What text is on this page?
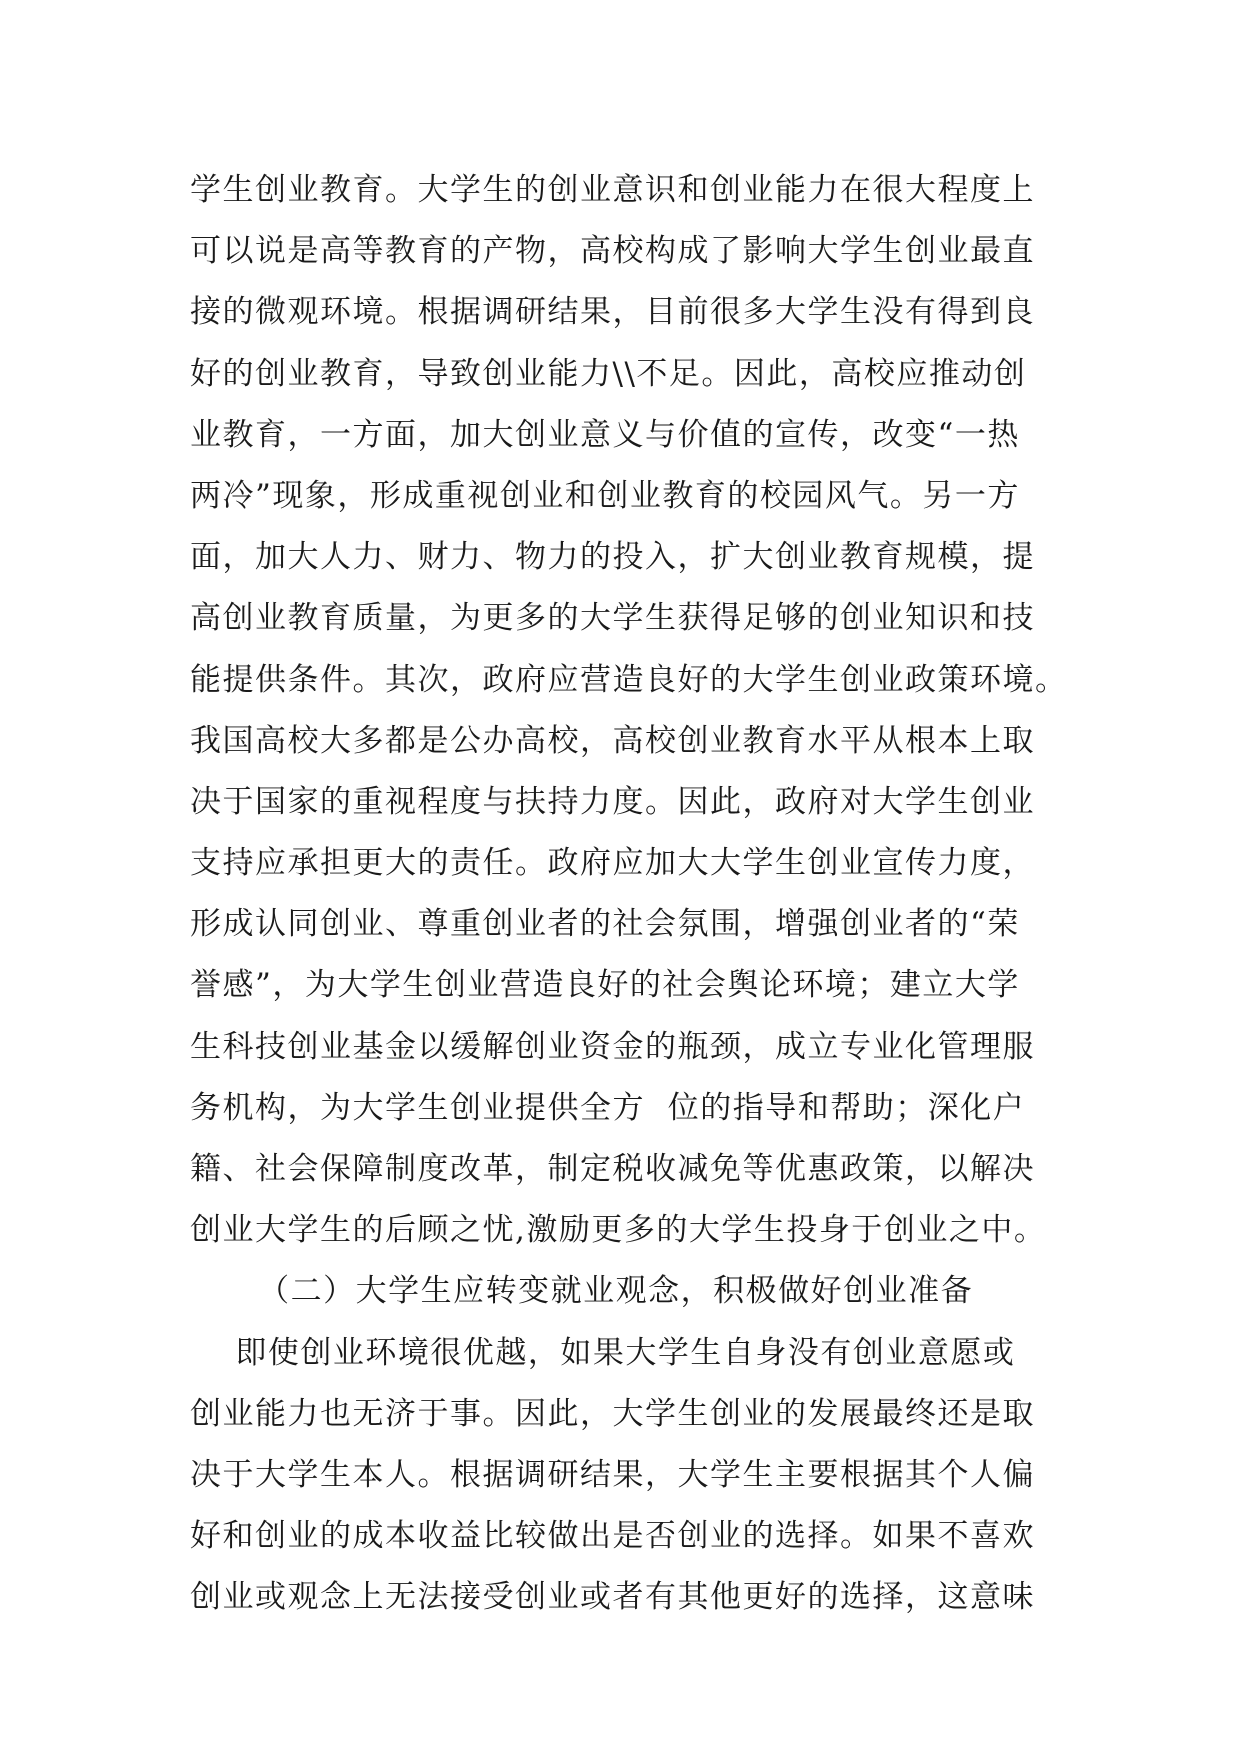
学生创业教育。大学生的创业意识和创业能力在很大程度上
可以说是高等教育的产物，高校构成了影响大学生创业最直
接的微观环境。根据调研结果，目前很多大学生没有得到良
好的创业教育，导致创业能力\\不足。因此，高校应推动创
业教育，一方面，加大创业意义与价值的宣传，改变“一热
两冷”现象，形成重视创业和创业教育的校园风气。另一方
面，加大人力、财力、物力的投入，扩大创业教育规模，提
高创业教育质量，为更多的大学生获得足够的创业知识和技
能提供条件。其次，政府应营造良好的大学生创业政策环境。
我国高校大多都是公办高校，高校创业教育水平从根本上取
决于国家的重视程度与扶持力度。因此，政府对大学生创业
支持应承担更大的责任。政府应加大大学生创业宣传力度，
形成认同创业、尊重创业者的社会氛围，增强创业者的“荣
誉感”，为大学生创业营造良好的社会舆论环境；建立大学
生科技创业基金以缓解创业资金的瓶颈，成立专业化管理服
务机构，为大学生创业提供全方  位的指导和帮助；深化户
籍、社会保障制度改革，制定税收减免等优惠政策，以解决
创业大学生的后顾之忧,激励更多的大学生投身于创业之中。
（二）大学生应转变就业观念，积极做好创业准备
即使创业环境很优越，如果大学生自身没有创业意愿或
创业能力也无济于事。因此，大学生创业的发展最终还是取
决于大学生本人。根据调研结果，大学生主要根据其个人偏
好和创业的成本收益比较做出是否创业的选择。如果不喜欢
创业或观念上无法接受创业或者有其他更好的选择，这意味
